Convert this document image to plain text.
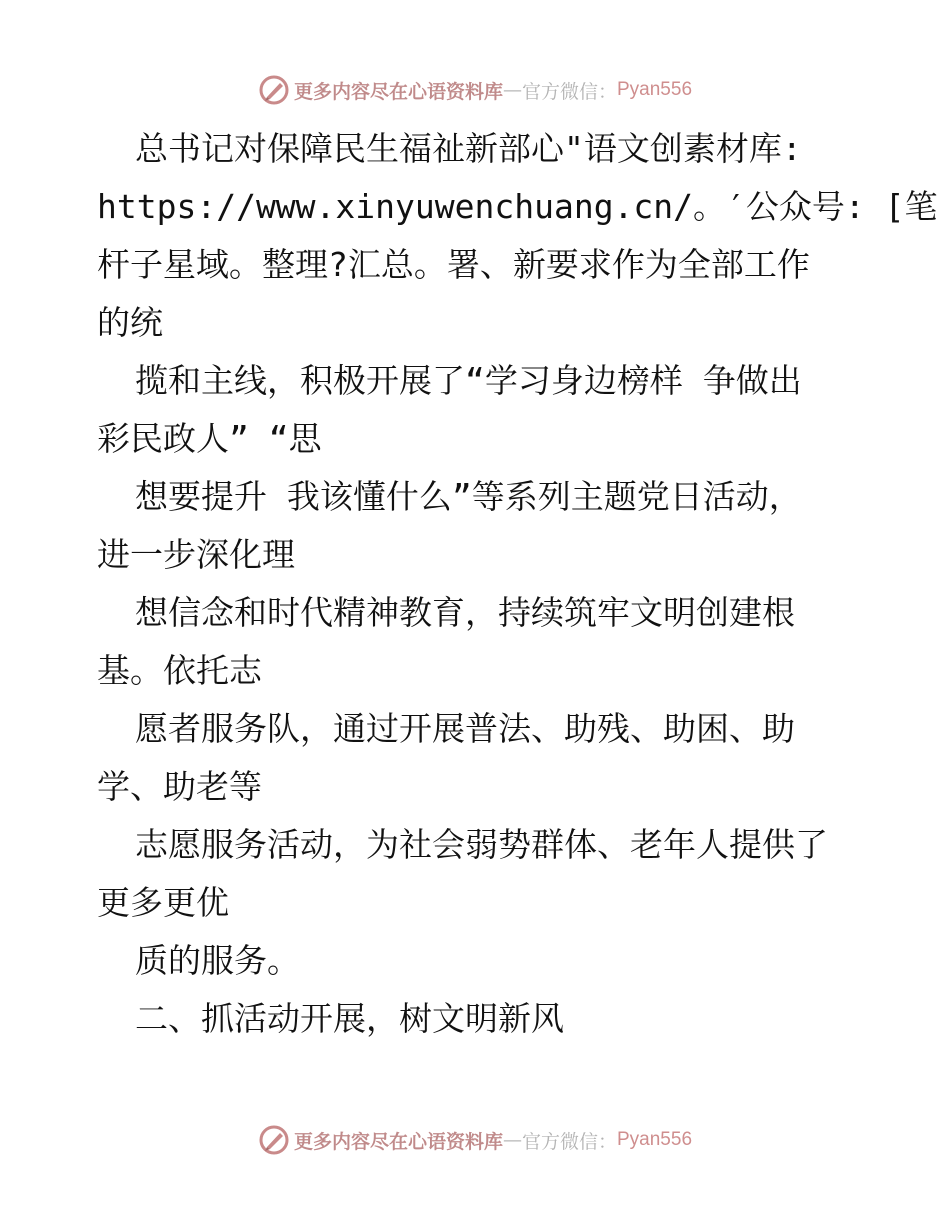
更多内容尽在心语资料库 — 官方微信： Pyan556
总书记对保障民生福祉新部心"语文创素材库:
https://www.xinyuwenchuang.cn/。′公众号: [笔
杆子星域。整理?汇总。署、新要求作为全部工作
的统
揽和主线，积极开展了“学习身边榜样 争做出
彩民政人” “思
想要提升 我该懂什么”等系列主题党日活动，
进一步深化理
想信念和时代精神教育，持续筑牢文明创建根
基。依托志
愿者服务队，通过开展普法、助残、助困、助
学、助老等
志愿服务活动，为社会弱势群体、老年人提供了
更多更优
质的服务。
二、抓活动开展，树文明新风
更多内容尽在心语资料库 — 官方微信： Pyan556
